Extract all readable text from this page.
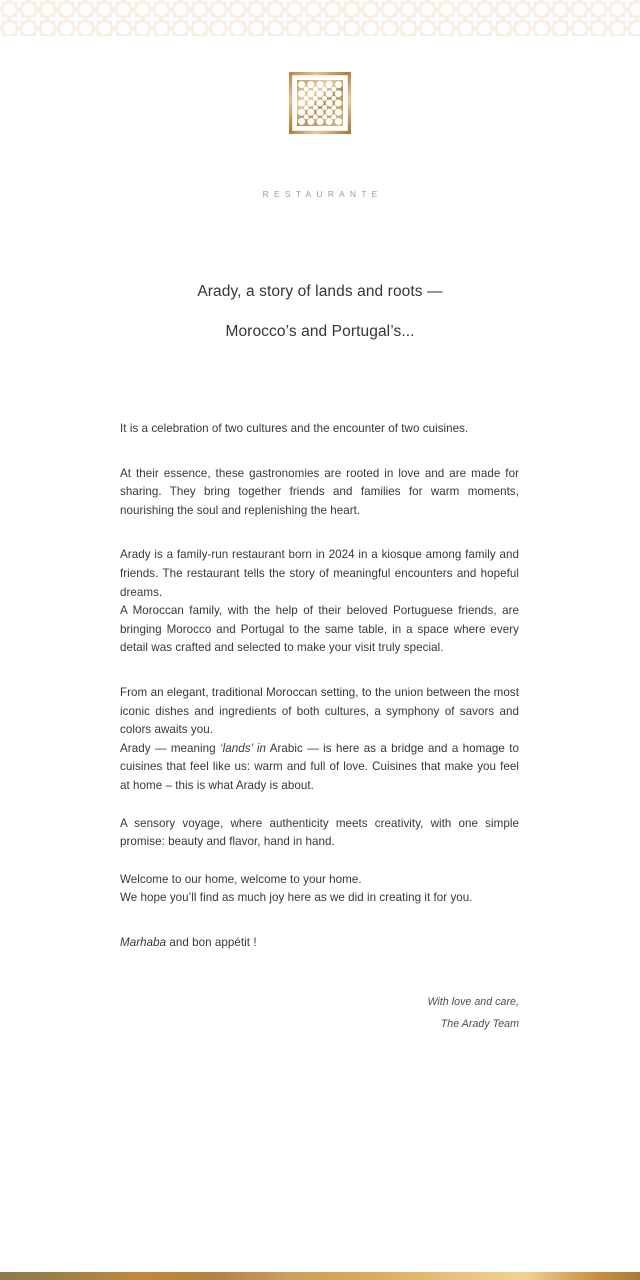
ARADY
RESTAURANTE
Arady, a story of lands and roots —
Morocco’s and Portugal’s...

It is a celebration of two cultures and the encounter of two cuisines.

At their essence, these gastronomies are rooted in love and are made for sharing. They bring together friends and families for warm moments, nourishing the soul and replenishing the heart.

Arady is a family-run restaurant born in 2024 in a kiosque among family and friends. The restaurant tells the story of meaningful encounters and hopeful dreams.

A Moroccan family, with the help of their beloved Portuguese friends, are bringing Morocco and Portugal to the same table, in a space where every detail was crafted and selected to make your visit truly special.

From an elegant, traditional Moroccan setting, to the union between the most iconic dishes and ingredients of both cultures, a symphony of savors and colors awaits you.

Arady — meaning ‘lands’ in Arabic — is here as a bridge and a homage to cuisines that feel like us: warm and full of love. Cuisines that make you feel at home – this is what Arady is about.

A sensory voyage, where authenticity meets creativity, with one simple promise: beauty and flavor, hand in hand.

Welcome to our home, welcome to your home.

We hope you’ll find as much joy here as we did in creating it for you.

Marhaba and bon appétit !

With love and care,
The Arady Team
